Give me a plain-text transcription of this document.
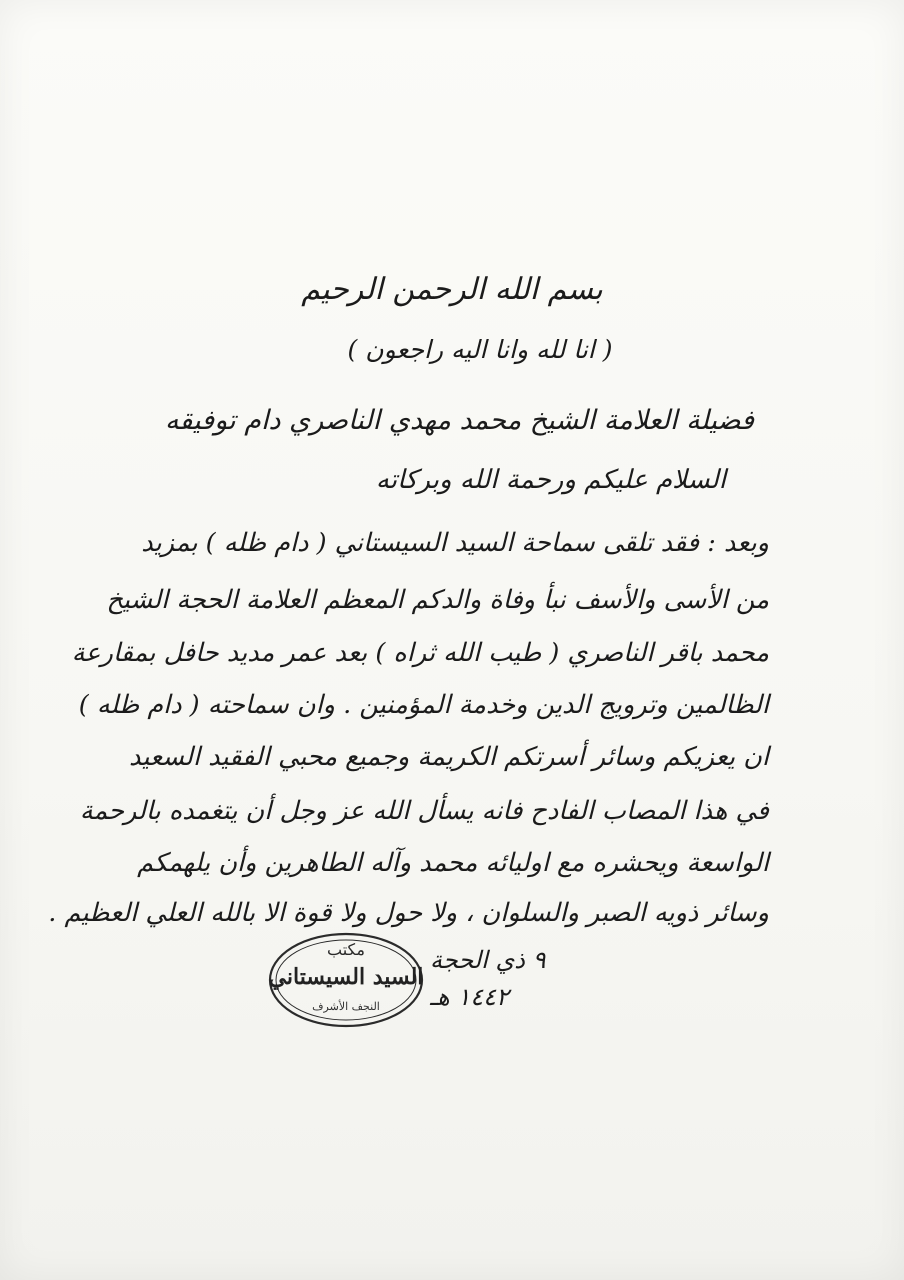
بسم الله الرحمن الرحيم
( انا لله وانا اليه راجعون )
فضيلة العلامة الشيخ محمد مهدي الناصري دام توفيقه
السلام عليكم ورحمة الله وبركاته
وبعد : فقد تلقى سماحة السيد السيستاني ( دام ظله ) بمزيد
من الأسى والأسف نبأ وفاة والدكم المعظم العلامة الحجة الشيخ
محمد باقر الناصري ( طيب الله ثراه ) بعد عمر مديد حافل بمقارعة
الظالمين وترويج الدين وخدمة المؤمنين . وان سماحته ( دام ظله )
ان يعزيكم وسائر أسرتكم الكريمة وجميع محبي الفقيد السعيد
في هذا المصاب الفادح فانه يسأل الله عز وجل أن يتغمده بالرحمة
الواسعة ويحشره مع اوليائه محمد وآله الطاهرين وأن يلهمكم
وسائر ذويه الصبر والسلوان ، ولا حول ولا قوة الا بالله العلي العظيم .
مكتب
السيد السيستاني
النجف الأشرف
٩ ذي الحجة
١٤٤٢ هـ
